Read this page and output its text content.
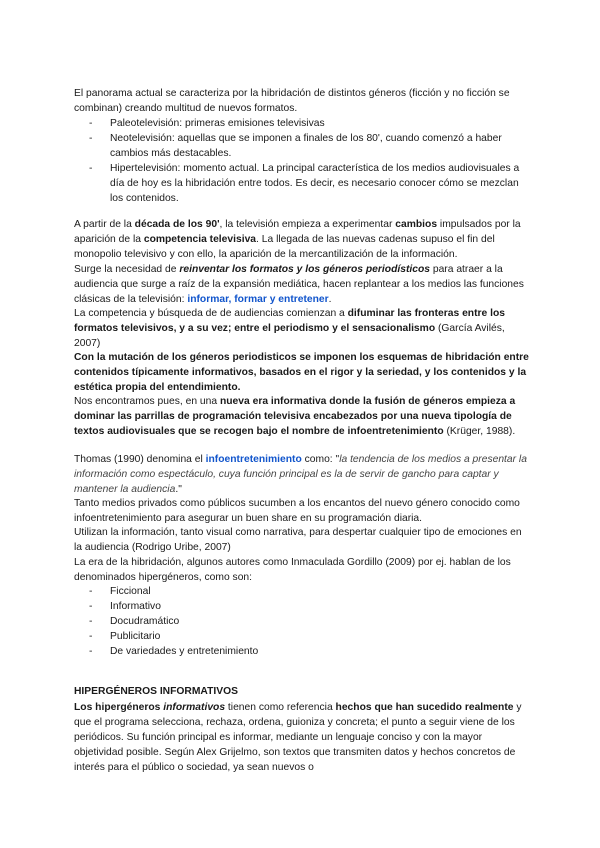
El panorama actual se caracteriza por la hibridación de distintos géneros (ficción y no ficción se combinan) creando multitud de nuevos formatos.

- Paleotelevisión: primeras emisiones televisivas
- Neotelevisión: aquellas que se imponen a finales de los 80', cuando comenzó a haber cambios más destacables.
- Hipertelevisión: momento actual. La principal característica de los medios audiovisuales a día de hoy es la hibridación entre todos. Es decir, es necesario conocer cómo se mezclan los contenidos.

A partir de la década de los 90', la televisión empieza a experimentar cambios impulsados por la aparición de la competencia televisiva. La llegada de las nuevas cadenas supuso el fin del monopolio televisivo y con ello, la aparición de la mercantilización de la información.

Surge la necesidad de reinventar los formatos y los géneros periodísticos para atraer a la audiencia que surge a raíz de la expansión mediática, hacen replantear a los medios las funciones clásicas de la televisión: informar, formar y entretener.

La competencia y búsqueda de de audiencias comienzan a difuminar las fronteras entre los formatos televisivos, y a su vez; entre el periodismo y el sensacionalismo (García Avilés, 2007)

Con la mutación de los géneros periodisticos se imponen los esquemas de hibridación entre contenidos típicamente informativos, basados en el rigor y la seriedad, y los contenidos y la estética propia del entendimiento.

Nos encontramos pues, en una nueva era informativa donde la fusión de géneros empieza a dominar las parrillas de programación televisiva encabezados por una nueva tipología de textos audiovisuales que se recogen bajo el nombre de infoentretenimiento (Krüger, 1988).

Thomas (1990) denomina el infoentretenimiento como: "la tendencia de los medios a presentar la información como espectáculo, cuya función principal es la de servir de gancho para captar y mantener la audiencia."

Tanto medios privados como públicos sucumben a los encantos del nuevo género conocido como infoentretenimiento para asegurar un buen share en su programación diaria.

Utilizan la información, tanto visual como narrativa, para despertar cualquier tipo de emociones en la audiencia (Rodrigo Uribe, 2007)

La era de la hibridación, algunos autores como Inmaculada Gordillo (2009) por ej. hablan de los denominados hipergéneros, como son:

- Ficcional
- Informativo
- Docudramático
- Publicitario
- De variedades y entretenimiento
HIPERGÉNEROS INFORMATIVOS

Los hipergéneros informativos tienen como referencia hechos que han sucedido realmente y que el programa selecciona, rechaza, ordena, guioniza y concreta; el punto a seguir viene de los periódicos. Su función principal es informar, mediante un lenguaje conciso y con la mayor objetividad posible. Según Alex Grijelmo, son textos que transmiten datos y hechos concretos de interés para el público o sociedad, ya sean nuevos o
